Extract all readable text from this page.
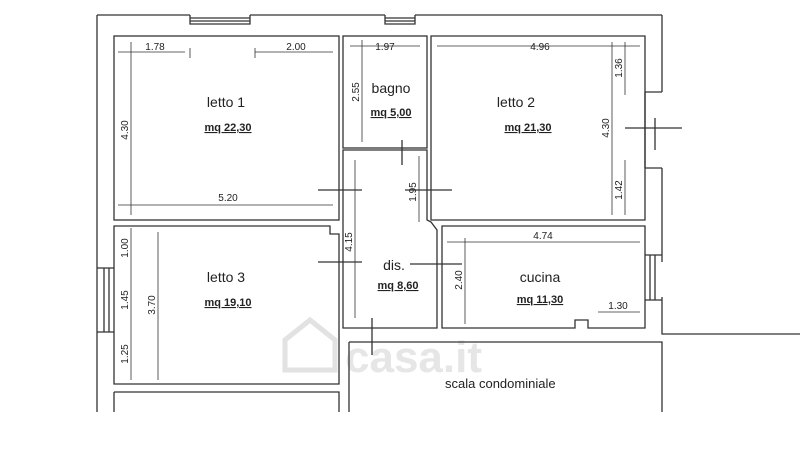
casa.it
letto 1
mq 22,30
bagno
mq 5,00
letto 2
mq 21,30
letto 3
mq 19,10
dis.
mq 8,60
cucina
mq 11,30
1.78	2.00
4.30
5.20
1.97
2.55
4.96
4.30
1.36
1.42
4.15
1.95
1.00
1.45
1.25
3.70
4.74
2.40
1.30
scala condominiale
